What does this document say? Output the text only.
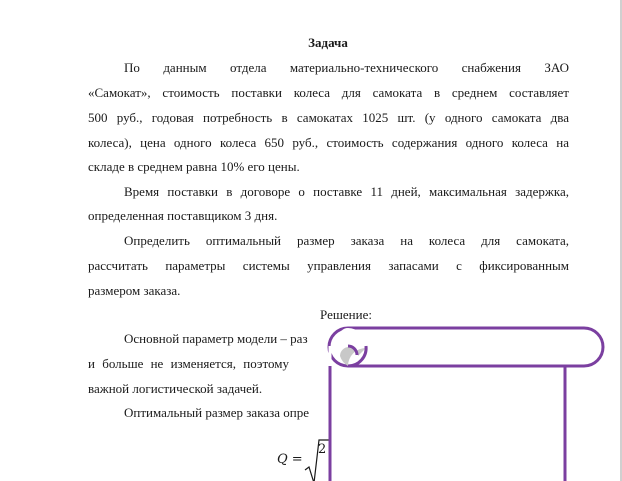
Задача
По данным отдела материально-технического снабжения ЗАО
«Самокат», стоимость поставки колеса для самоката в среднем составляет
500 руб., годовая потребность в самокатах 1025 шт. (у одного самоката два
колеса), цена одного колеса 650 руб., стоимость содержания одного колеса на
складе в среднем равна 10% его цены.
Время поставки в договоре о поставке 11 дней, максимальная задержка,
определенная поставщиком 3 дня.
Определить оптимальный размер заказа на колеса для самоката,
рассчитать параметры системы управления запасами с фиксированным
размером заказа.
Решение:
Основной параметр модели – раз
и больше не изменяется, поэтому
важной логистической задачей.
Оптимальный размер заказа опре
Q =
2
